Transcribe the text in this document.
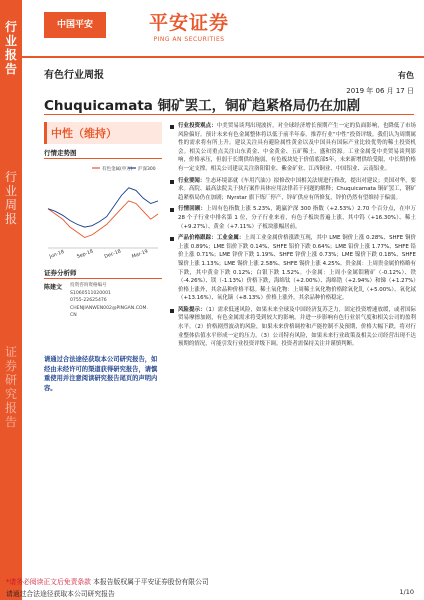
行业报告
行业周报
证券研究报告
中国平安	平安证券
PING AN SECURITIES
有色
有色行业周报
2019 年 06 月 17 日
Chuquicamata 铜矿罢工，铜矿趋紧格局仍在加剧
中性（维持）
行情走势图
有色金属(申万) 沪深300
Jun-18 Sep-18 Dec-18 Mar-19
证券分析师
陈建文	投资咨询资格编号
S1060511020001
0755-22625476
CHENJIANWEN002@PINGAN.COM.
CN
请通过合法途径获取本公司研究报告，如经由未经许可的渠道获得研究报告，请慎重使用并注意阅读研究报告尾页的声明内容。

行业投资观点：中美贸易谈判出现波折，对全球经济增长预期产生一定的负面影响，也降低了市场风险偏好。预计未来有色金属整体将以低于前半年泰。推荐行业“中性”投资评级。我们认为周期属性的需求将有所上升。建议关注具有避险属性黄金以及中国具有国际产业比较优势的稀土投资机会。相关公司重点关注山东黄金、中金黄金、五矿稀土、盛和资源。工业金属受中美贸易谈判影响，价格承压，但弱于长期供给拖弱，有色板块处于价值底部5年，未来新增供给受限，中长期价格有一定支撑。相关公司建议关注洛阳钼业、紫金矿业、江西铜业、中国铝业、云南铝业。

行业要闻：生态环境部就《车用汽油）》拟修改中国相关法规进行修改，提出对建议；美国对华。要求。高院、最高法院关于执行案件具体应用法律若干问题的解释；Chuquicamata 铜矿罢工，钢矿趋紧格局仍在加剧；Nyrstar 旗下炼厂停产，锌矿供应有所修复，锌价仍然有望维持于偏弱。

行情回顾：上周有色指数上涨 5.23%，跑赢沪深 300 指数（+2.53%）2.70 个百分点，在申万 28 个子行业中排名第 1 位，分子行业来看，有色子板块普遍上涨，其中钨（+16.30%）、稀土（+9.27%）、黄金（+7.11%）子板块涨幅居前。

产品价格跟踪：工业金属：上周工业金属价格涨跌互现，其中 LME 铜价上涨 0.28%、SHFE 铜价上涨 0.89%；LME 铝价下跌 0.14%、SHFE 铝价下跌 0.64%；LME 铅价上涨 1.77%、SHFE 铅价上涨 0.71%；LME 锌价下跌 1.19%、SHFE 锌价上涨 0.73%；LME 镍价下跌 0.18%、SHFE 镍价上涨 1.13%；LME 锡价上涨 2.58%、SHFE 锡价上涨 4.25%。贵金属：上周贵金属价格略有下跌，其中黄金下跌 0.12%；白银下跌 1.52%。小金属：上周小金属钼精矿（-0.12%）、铁（-4.26%）、镁（-1.13%）价格下跌，海绵钛（+2.00%）、海绵锆（+2.94%）和锑（+1.27%）价格上涨外，其余品种价格平稳。稀土氧化物：上周稀土氧化物价格除氧化钆（+5.00%）、氧化铽（+13.16%）、氧化镝（+8.13%）价格上涨外，其余品种价格稳定。

风险提示：（1）需求低迷风险，如果未来全球及中国经济复苏乏力，固定投资增速放缓，或者国际贸易摩擦加剧，有色金属需求将受到较大的影响。并进一步影响有色行业景气度和相关公司的盈利水平。（2）价格剧烈波动的风险，如果未来价格调控和产能控制不及预期，价格大幅下跌，将对行业整体估值水平形成一定的压力。（3）公司特有风险，如果未来行业政策及相关公司经营出现不达预期的情况，可能引发行业投资评级下调。投资者需保持关注并谨慎判断。

*请务必阅读正文后免责条款 本报告版权属于平安证券股份有限公司
请通过合法途径获取本公司研究报告	1/10
